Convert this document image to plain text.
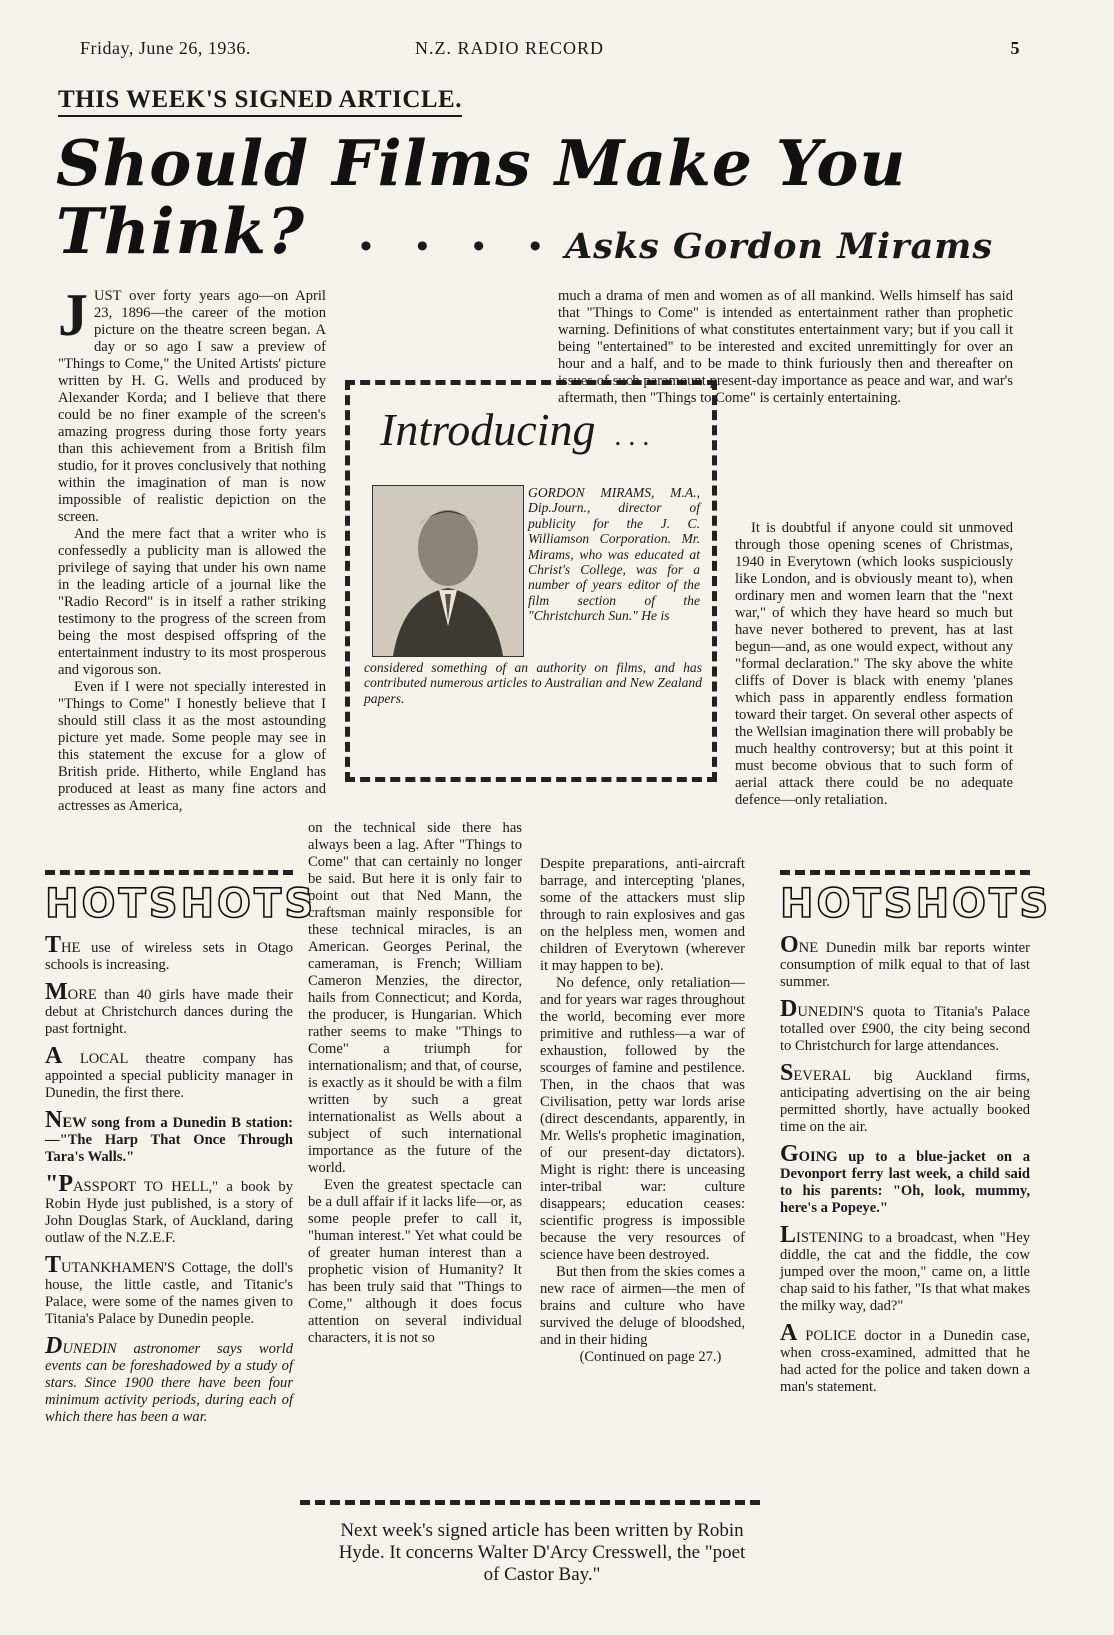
Friday, June 26, 1936.	N.Z. RADIO RECORD	5
THIS WEEK'S SIGNED ARTICLE.
Should Films Make You
Think? • • • • Asks Gordon Mirams
J UST over forty years ago—on April 23, 1896—the career of the motion picture on the theatre screen began. A day or so ago I saw a preview of "Things to Come," the United Artists' picture written by H. G. Wells and produced by Alexander Korda; and I believe that there could be no finer example of the screen's amazing progress during those forty years than this achievement from a British film studio, for it proves conclusively that nothing within the imagination of man is now impossible of realistic depiction on the screen.

And the mere fact that a writer who is confessedly a publicity man is allowed the privilege of saying that under his own name in the leading article of a journal like the "Radio Record" is in itself a rather striking testimony to the progress of the screen from being the most despised offspring of the entertainment industry to its most prosperous and vigorous son.

Even if I were not specially interested in "Things to Come" I honestly believe that I should still class it as the most astounding picture yet made. Some people may see in this statement the excuse for a glow of British pride. Hitherto, while England has produced at least as many fine actors and actresses as America,

Introducing . . .
GORDON MIRAMS, M.A., Dip.Journ., director of publicity for the J. C. Williamson Corporation. Mr. Mirams, who was educated at Christ's College, was for a number of years editor of the film section of the "Christchurch Sun." He is
considered something of an authority on films, and has contributed numerous articles to Australian and New Zealand papers.

much a drama of men and women as of all mankind. Wells himself has said that "Things to Come" is intended as entertainment rather than prophetic warning. Definitions of what constitutes entertainment vary; but if you call it being "entertained" to be interested and excited unremittingly for over an hour and a half, and to be made to think furiously then and thereafter on issues of such paramount present-day importance as peace and war, and war's aftermath, then "Things to Come" is certainly entertaining.

It is doubtful if anyone could sit unmoved through those opening scenes of Christmas, 1940 in Everytown (which looks suspiciously like London, and is obviously meant to), when ordinary men and women learn that the "next war," of which they have heard so much but have never bothered to prevent, has at last begun—and, as one would expect, without any "formal declaration." The sky above the white cliffs of Dover is black with enemy 'planes which pass in apparently endless formation toward their target. On several other aspects of the Wellsian imagination there will probably be much healthy controversy; but at this point it must become obvious that to such form of aerial attack there could be no adequate defence—only retaliation.

HOTSHOTS
THE use of wireless sets in Otago schools is increasing.
MORE than 40 girls have made their debut at Christchurch dances during the past fortnight.
A LOCAL theatre company has appointed a special publicity manager in Dunedin, the first there.
NEW song from a Dunedin B station:—"The Harp That Once Through Tara's Walls."
"PASSPORT TO HELL," a book by Robin Hyde just published, is a story of John Douglas Stark, of Auckland, daring outlaw of the N.Z.E.F.
TUTANKHAMEN'S Cottage, the doll's house, the little castle, and Titanic's Palace, were some of the names given to Titania's Palace by Dunedin people.
DUNEDIN astronomer says world events can be foreshadowed by a study of stars. Since 1900 there have been four minimum activity periods, during each of which there has been a war.

on the technical side there has always been a lag. After "Things to Come" that can certainly no longer be said. But here it is only fair to point out that Ned Mann, the craftsman mainly responsible for these technical miracles, is an American. Georges Perinal, the cameraman, is French; William Cameron Menzies, the director, hails from Connecticut; and Korda, the producer, is Hungarian. Which rather seems to make "Things to Come" a triumph for internationalism; and that, of course, is exactly as it should be with a film written by such a great internationalist as Wells about a subject of such international importance as the future of the world.

Even the greatest spectacle can be a dull affair if it lacks life—or, as some people prefer to call it, "human interest." Yet what could be of greater human interest than a prophetic vision of Humanity? It has been truly said that "Things to Come," although it does focus attention on several individual characters, it is not so

Despite preparations, anti-aircraft barrage, and intercepting 'planes, some of the attackers must slip through to rain explosives and gas on the helpless men, women and children of Everytown (wherever it may happen to be).

No defence, only retaliation—and for years war rages throughout the world, becoming ever more primitive and ruthless—a war of exhaustion, followed by the scourges of famine and pestilence. Then, in the chaos that was Civilisation, petty war lords arise (direct descendants, apparently, in Mr. Wells's prophetic imagination, of our present-day dictators). Might is right: there is unceasing inter-tribal war: culture disappears; education ceases: scientific progress is impossible because the very resources of science have been destroyed.

But then from the skies comes a new race of airmen—the men of brains and culture who have survived the deluge of bloodshed, and in their hiding

(Continued on page 27.)

HOTSHOTS
ONE Dunedin milk bar reports winter consumption of milk equal to that of last summer.
DUNEDIN'S quota to Titania's Palace totalled over £900, the city being second to Christchurch for large attendances.
SEVERAL big Auckland firms, anticipating advertising on the air being permitted shortly, have actually booked time on the air.
GOING up to a blue-jacket on a Devonport ferry last week, a child said to his parents: "Oh, look, mummy, here's a Popeye."
LISTENING to a broadcast, when "Hey diddle, the cat and the fiddle, the cow jumped over the moon," came on, a little chap said to his father, "Is that what makes the milky way, dad?"
A POLICE doctor in a Dunedin case, when cross-examined, admitted that he had acted for the police and taken down a man's statement.
Next week's signed article has been written by Robin Hyde. It concerns Walter D'Arcy Cresswell, the "poet of Castor Bay."
